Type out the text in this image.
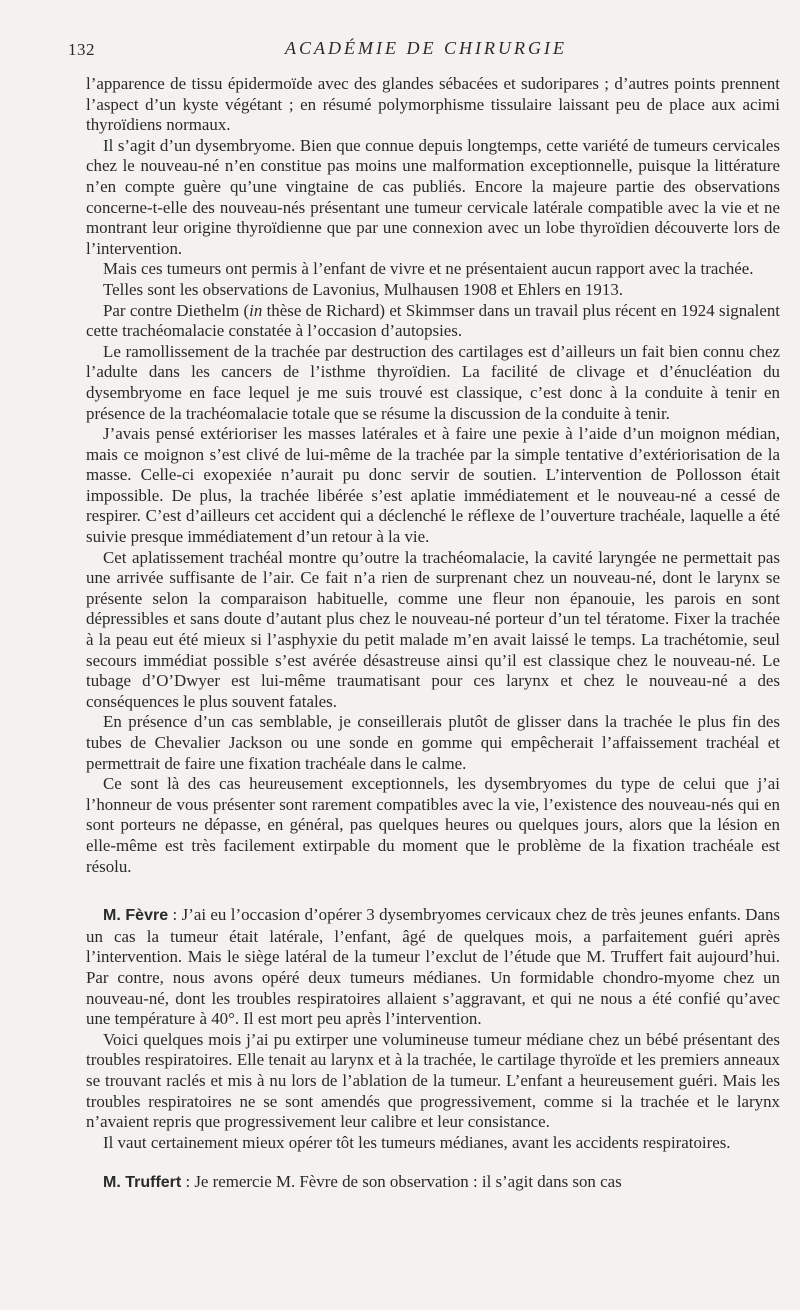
132	ACADÉMIE DE CHIRURGIE

l’apparence de tissu épidermoïde avec des glandes sébacées et sudoripares ; d’autres points prennent l’aspect d’un kyste végétant ; en résumé polymorphisme tissulaire laissant peu de place aux acimi thyroïdiens normaux.

Il s’agit d’un dysembryome. Bien que connue depuis longtemps, cette variété de tumeurs cervicales chez le nouveau-né n’en constitue pas moins une malformation exceptionnelle, puisque la littérature n’en compte guère qu’une vingtaine de cas publiés. Encore la majeure partie des observations concerne-t-elle des nouveau-nés présentant une tumeur cervicale latérale compatible avec la vie et ne montrant leur origine thyroïdienne que par une connexion avec un lobe thyroïdien découverte lors de l’intervention.

Mais ces tumeurs ont permis à l’enfant de vivre et ne présentaient aucun rapport avec la trachée.

Telles sont les observations de Lavonius, Mulhausen 1908 et Ehlers en 1913.

Par contre Diethelm (in thèse de Richard) et Skimmser dans un travail plus récent en 1924 signalent cette trachéomalacie constatée à l’occasion d’autopsies.

Le ramollissement de la trachée par destruction des cartilages est d’ailleurs un fait bien connu chez l’adulte dans les cancers de l’isthme thyroïdien. La facilité de clivage et d’énucléation du dysembryome en face lequel je me suis trouvé est classique, c’est donc à la conduite à tenir en présence de la trachéomalacie totale que se résume la discussion de la conduite à tenir.

J’avais pensé extérioriser les masses latérales et à faire une pexie à l’aide d’un moignon médian, mais ce moignon s’est clivé de lui-même de la trachée par la simple tentative d’extériorisation de la masse. Celle-ci exopexiée n’aurait pu donc servir de soutien. L’intervention de Pollosson était impossible. De plus, la trachée libérée s’est aplatie immédiatement et le nouveau-né a cessé de respirer. C’est d’ailleurs cet accident qui a déclenché le réflexe de l’ouverture trachéale, laquelle a été suivie presque immédiatement d’un retour à la vie.

Cet aplatissement trachéal montre qu’outre la trachéomalacie, la cavité laryngée ne permettait pas une arrivée suffisante de l’air. Ce fait n’a rien de surprenant chez un nouveau-né, dont le larynx se présente selon la comparaison habituelle, comme une fleur non épanouie, les parois en sont dépressibles et sans doute d’autant plus chez le nouveau-né porteur d’un tel tératome. Fixer la trachée à la peau eut été mieux si l’asphyxie du petit malade m’en avait laissé le temps. La trachétomie, seul secours immédiat possible s’est avérée désastreuse ainsi qu’il est classique chez le nouveau-né. Le tubage d’O’Dwyer est lui-même traumatisant pour ces larynx et chez le nouveau-né a des conséquences le plus souvent fatales.

En présence d’un cas semblable, je conseillerais plutôt de glisser dans la trachée le plus fin des tubes de Chevalier Jackson ou une sonde en gomme qui empêcherait l’affaissement trachéal et permettrait de faire une fixation trachéale dans le calme.

Ce sont là des cas heureusement exceptionnels, les dysembryomes du type de celui que j’ai l’honneur de vous présenter sont rarement compatibles avec la vie, l’existence des nouveau-nés qui en sont porteurs ne dépasse, en général, pas quelques heures ou quelques jours, alors que la lésion en elle-même est très facilement extirpable du moment que le problème de la fixation trachéale est résolu.

M. Fèvre : J’ai eu l’occasion d’opérer 3 dysembryomes cervicaux chez de très jeunes enfants. Dans un cas la tumeur était latérale, l’enfant, âgé de quelques mois, a parfaitement guéri après l’intervention. Mais le siège latéral de la tumeur l’exclut de l’étude que M. Truffert fait aujourd’hui. Par contre, nous avons opéré deux tumeurs médianes. Un formidable chondro-myome chez un nouveau-né, dont les troubles respiratoires allaient s’aggravant, et qui ne nous a été confié qu’avec une température à 40°. Il est mort peu après l’intervention.

Voici quelques mois j’ai pu extirper une volumineuse tumeur médiane chez un bébé présentant des troubles respiratoires. Elle tenait au larynx et à la trachée, le cartilage thyroïde et les premiers anneaux se trouvant raclés et mis à nu lors de l’ablation de la tumeur. L’enfant a heureusement guéri. Mais les troubles respiratoires ne se sont amendés que progressivement, comme si la trachée et le larynx n’avaient repris que progressivement leur calibre et leur consistance.

Il vaut certainement mieux opérer tôt les tumeurs médianes, avant les accidents respiratoires.

M. Truffert : Je remercie M. Fèvre de son observation : il s’agit dans son cas
